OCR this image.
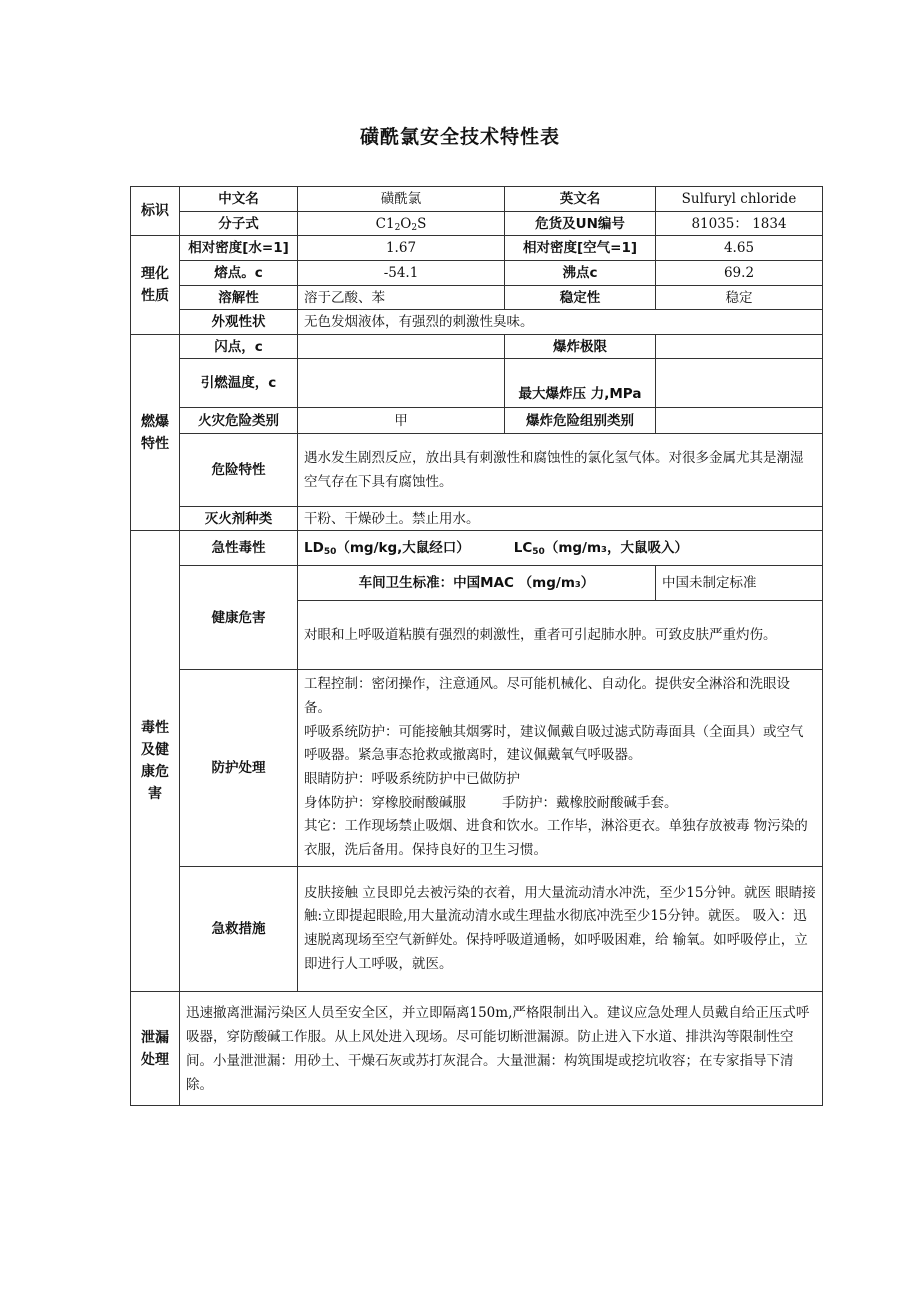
磺酰氯安全技术特性表
标识	中文名	磺酰氯	英文名	Sulfuryl chloride
	分子式	$C1_2O_2S$	危货及UN编号	81035： 1834
理化
性质	相对密度[水=1]	1.67	相对密度[空气=1]	4.65
	熔点。c	-54.1	沸点c	69.2
	溶解性	溶于乙酸、苯	稳定性	稳定
	外观性状	无色发烟液体，有强烈的刺激性臭味。		
燃爆
特性	闪点，c		爆炸极限	
	引燃温度，c		最大爆炸压 力,MPa	
	火灾危险类别	甲	爆炸危险组别类别	
	危险特性	遇水发生剧烈反应，放出具有刺激性和腐蚀性的氯化氢气体。对很多金属尤其是潮湿空气存在下具有腐蚀性。		
	灭火剂种类	干粉、干燥砂土。禁止用水。		
毒性
及健
康危
害	急性毒性	$LD_{50}(mg/kg$,大鼠经口） $LC_{50}(mg/m_3$，大鼠吸入）		
	健康危害	车间卫生标准：中国MAC （mg/m₃）		中国未制定标准
		对眼和上呼吸道粘膜有强烈的刺激性，重者可引起肺水肿。可致皮肤严重灼伤。		
	防护处理	工程控制：密闭操作，注意通风。尽可能机械化、自动化。提供安全淋浴和洗眼设备。
呼吸系统防护：可能接触其烟雾时，建议佩戴自吸过滤式防毒面具（全面具）或空气呼吸器。紧急事态抢救或撤离时，建议佩戴氧气呼吸器。
眼睛防护：呼吸系统防护中已做防护
身体防护：穿橡胶耐酸碱服 手防护：戴橡胶耐酸碱手套。
其它：工作现场禁止吸烟、进食和饮水。工作毕，淋浴更衣。单独存放被毒 物污染的衣服，洗后备用。保持良好的卫生习惯。		

	急救措施	皮肤接触 立艮即兑去被污染的衣着，用大量流动清水冲洗，至少15分钟。就医 眼睛接触:立即提起眼睑,用大量流动清水或生理盐水彻底冲洗至少15分钟。就医。 吸入：迅速脱离现场至空气新鲜处。保持呼吸道通畅，如呼吸困难，给 输氧。如呼吸停止，立即进行人工呼吸，就医。		
泄漏
处理	迅速撤离泄漏污染区人员至安全区，并立即隔离150m,严格限制出入。建议应急处理人员戴自给正压式呼吸器，穿防酸碱工作服。从上风处进入现场。尽可能切断泄漏源。防止进入下水道、排洪沟等限制性空间。小量泄泄漏：用砂土、干燥石灰或苏打灰混合。大量泄漏：构筑围堤或挖坑收容；在专家指导下清除。			
